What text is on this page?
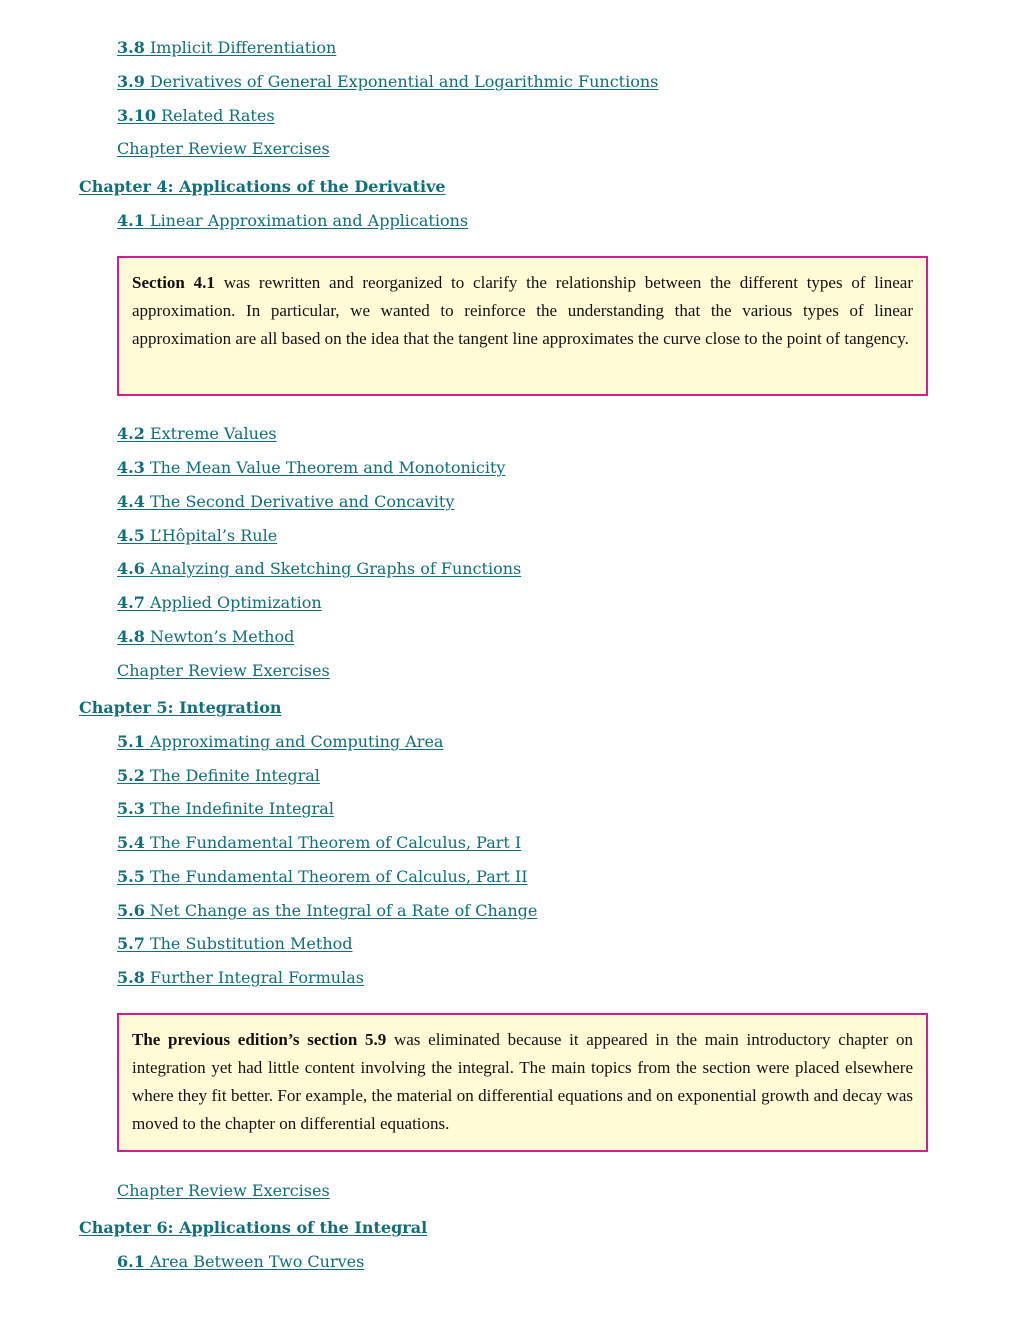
3.8 Implicit Differentiation
3.9 Derivatives of General Exponential and Logarithmic Functions
3.10 Related Rates
Chapter Review Exercises
Chapter 4: Applications of the Derivative
4.1 Linear Approximation and Applications
Section 4.1 was rewritten and reorganized to clarify the relationship between the different types of linear approximation. In particular, we wanted to reinforce the understanding that the various types of linear approximation are all based on the idea that the tangent line approximates the curve close to the point of tangency.
4.2 Extreme Values
4.3 The Mean Value Theorem and Monotonicity
4.4 The Second Derivative and Concavity
4.5 L’Hôpital’s Rule
4.6 Analyzing and Sketching Graphs of Functions
4.7 Applied Optimization
4.8 Newton’s Method
Chapter Review Exercises
Chapter 5: Integration
5.1 Approximating and Computing Area
5.2 The Definite Integral
5.3 The Indefinite Integral
5.4 The Fundamental Theorem of Calculus, Part I
5.5 The Fundamental Theorem of Calculus, Part II
5.6 Net Change as the Integral of a Rate of Change
5.7 The Substitution Method
5.8 Further Integral Formulas
The previous edition’s section 5.9 was eliminated because it appeared in the main introductory chapter on integration yet had little content involving the integral. The main topics from the section were placed elsewhere where they fit better. For example, the material on differential equations and on exponential growth and decay was moved to the chapter on differential equations.
Chapter Review Exercises
Chapter 6: Applications of the Integral
6.1 Area Between Two Curves
